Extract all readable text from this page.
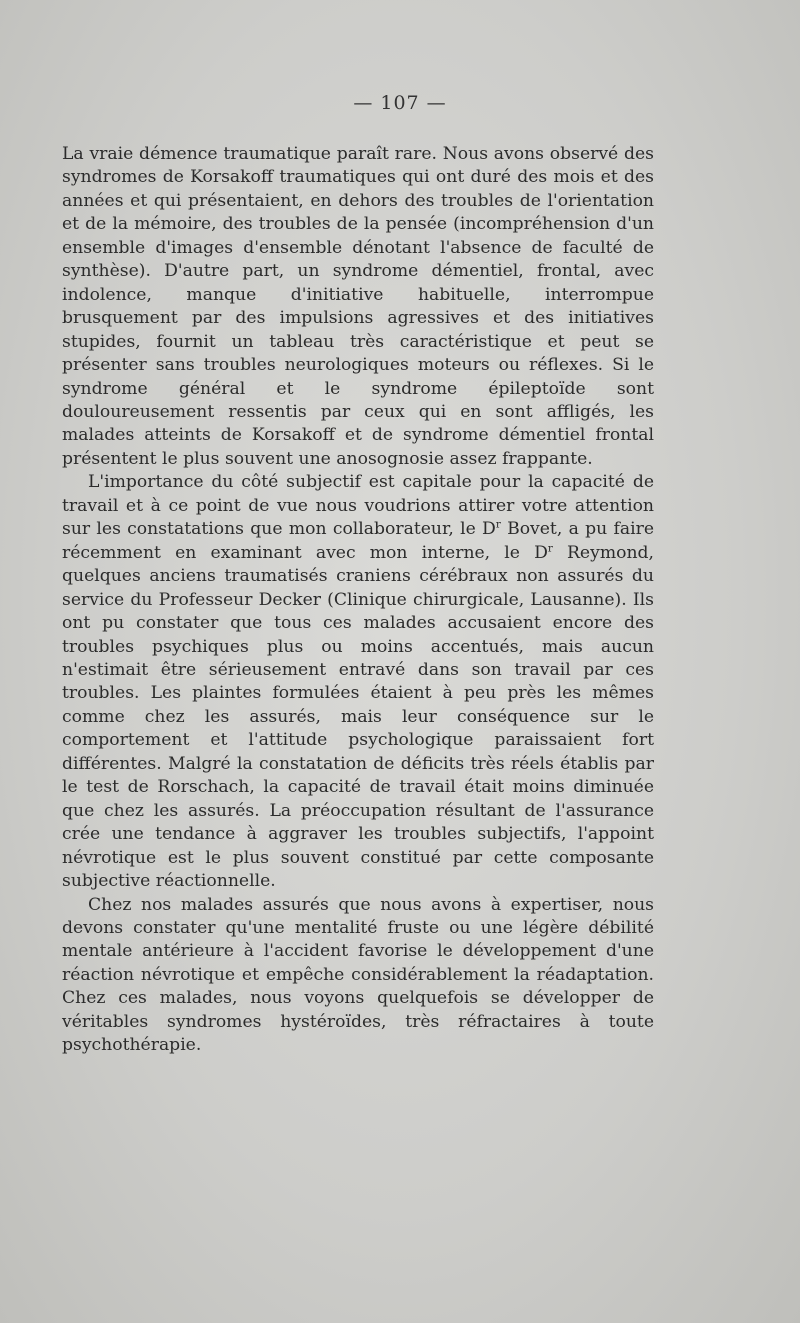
— 107 —

La vraie démence traumatique paraît rare. Nous avons observé des syndromes de Korsakoff traumatiques qui ont duré des mois et des années et qui présentaient, en dehors des troubles de l'orientation et de la mémoire, des troubles de la pensée (incompréhension d'un ensemble d'images d'ensemble dénotant l'absence de faculté de synthèse). D'autre part, un syndrome démentiel, frontal, avec indolence, manque d'initiative habituelle, interrompue brusquement par des impulsions agressives et des initiatives stupides, fournit un tableau très caractéristique et peut se présenter sans troubles neurologiques moteurs ou réflexes. Si le syndrome général et le syndrome épileptoïde sont douloureusement ressentis par ceux qui en sont affligés, les malades atteints de Korsakoff et de syndrome démentiel frontal présentent le plus souvent une anosognosie assez frappante.

L'importance du côté subjectif est capitale pour la capacité de travail et à ce point de vue nous voudrions attirer votre attention sur les constatations que mon collaborateur, le $D^r$ Bovet, a pu faire récemment en examinant avec mon interne, le $D^r$ Reymond, quelques anciens traumatisés craniens cérébraux non assurés du service du Professeur Decker (Clinique chirurgicale, Lausanne). Ils ont pu constater que tous ces malades accusaient encore des troubles psychiques plus ou moins accentués, mais aucun n'estimait être sérieusement entravé dans son travail par ces troubles. Les plaintes formulées étaient à peu près les mêmes comme chez les assurés, mais leur conséquence sur le comportement et l'attitude psychologique paraissaient fort différentes. Malgré la constatation de déficits très réels établis par le test de Rorschach, la capacité de travail était moins diminuée que chez les assurés. La préoccupation résultant de l'assurance crée une tendance à aggraver les troubles subjectifs, l'appoint névrotique est le plus souvent constitué par cette composante subjective réactionnelle.

Chez nos malades assurés que nous avons à expertiser, nous devons constater qu'une mentalité fruste ou une légère débilité mentale antérieure à l'accident favorise le développement d'une réaction névrotique et empêche considérablement la réadaptation. Chez ces malades, nous voyons quelquefois se développer de véritables syndromes hystéroïdes, très réfractaires à toute psychothérapie.
